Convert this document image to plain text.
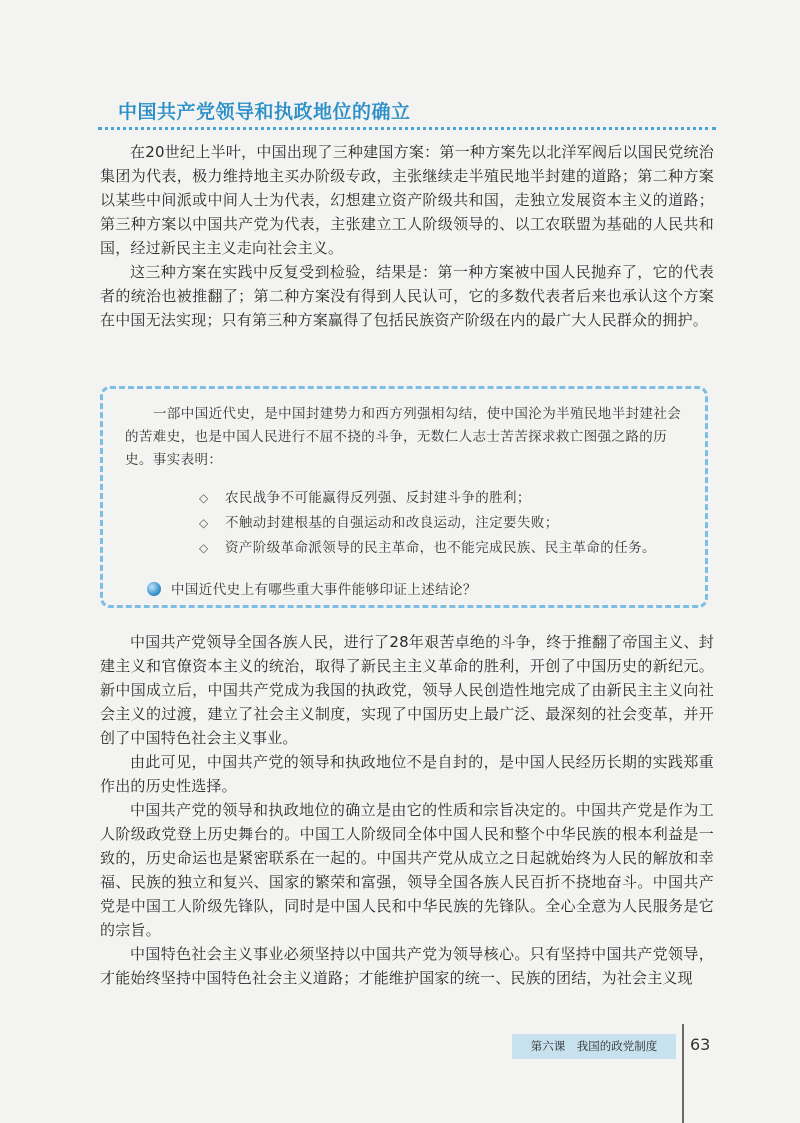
中国共产党领导和执政地位的确立

在20世纪上半叶，中国出现了三种建国方案：第一种方案先以北洋军阀后以国民党统治集团为代表，极力维持地主买办阶级专政，主张继续走半殖民地半封建的道路；第二种方案以某些中间派或中间人士为代表，幻想建立资产阶级共和国，走独立发展资本主义的道路；第三种方案以中国共产党为代表，主张建立工人阶级领导的、以工农联盟为基础的人民共和国，经过新民主主义走向社会主义。

这三种方案在实践中反复受到检验，结果是：第一种方案被中国人民抛弃了，它的代表者的统治也被推翻了；第二种方案没有得到人民认可，它的多数代表者后来也承认这个方案在中国无法实现；只有第三种方案赢得了包括民族资产阶级在内的最广大人民群众的拥护。

一部中国近代史，是中国封建势力和西方列强相勾结，使中国沦为半殖民地半封建社会的苦难史，也是中国人民进行不屈不挠的斗争，无数仁人志士苦苦探求救亡图强之路的历史。事实表明：

◇ 农民战争不可能赢得反列强、反封建斗争的胜利；
◇ 不触动封建根基的自强运动和改良运动，注定要失败；
◇ 资产阶级革命派领导的民主革命，也不能完成民族、民主革命的任务。
中国近代史上有哪些重大事件能够印证上述结论？

中国共产党领导全国各族人民，进行了28年艰苦卓绝的斗争，终于推翻了帝国主义、封建主义和官僚资本主义的统治，取得了新民主主义革命的胜利，开创了中国历史的新纪元。新中国成立后，中国共产党成为我国的执政党，领导人民创造性地完成了由新民主主义向社会主义的过渡，建立了社会主义制度，实现了中国历史上最广泛、最深刻的社会变革，并开创了中国特色社会主义事业。

由此可见，中国共产党的领导和执政地位不是自封的，是中国人民经历长期的实践郑重作出的历史性选择。

中国共产党的领导和执政地位的确立是由它的性质和宗旨决定的。中国共产党是作为工人阶级政党登上历史舞台的。中国工人阶级同全体中国人民和整个中华民族的根本利益是一致的，历史命运也是紧密联系在一起的。中国共产党从成立之日起就始终为人民的解放和幸福、民族的独立和复兴、国家的繁荣和富强，领导全国各族人民百折不挠地奋斗。中国共产党是中国工人阶级先锋队，同时是中国人民和中华民族的先锋队。全心全意为人民服务是它的宗旨。

中国特色社会主义事业必须坚持以中国共产党为领导核心。只有坚持中国共产党领导，才能始终坚持中国特色社会主义道路；才能维护国家的统一、民族的团结，为社会主义现

第六课　我国的政党制度	63
